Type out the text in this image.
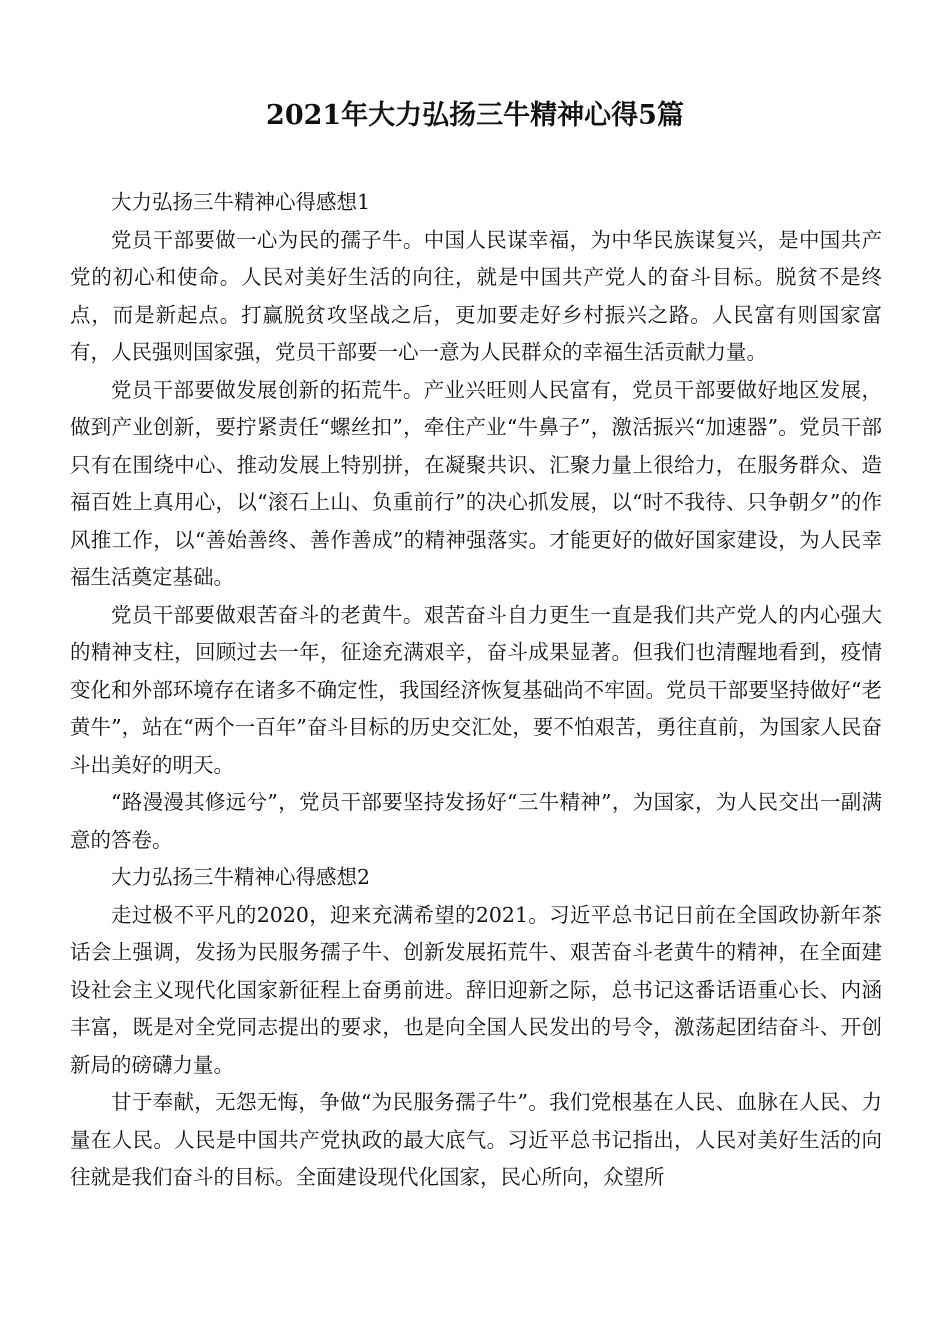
2021年大力弘扬三牛精神心得5篇

大力弘扬三牛精神心得感想1

党员干部要做一心为民的孺子牛。中国人民谋幸福，为中华民族谋复兴，是中国共产党的初心和使命。人民对美好生活的向往，就是中国共产党人的奋斗目标。脱贫不是终点，而是新起点。打赢脱贫攻坚战之后，更加要走好乡村振兴之路。人民富有则国家富有，人民强则国家强，党员干部要一心一意为人民群众的幸福生活贡献力量。

党员干部要做发展创新的拓荒牛。产业兴旺则人民富有，党员干部要做好地区发展，做到产业创新，要拧紧责任“螺丝扣”，牵住产业“牛鼻子”，激活振兴“加速器”。党员干部只有在围绕中心、推动发展上特别拼，在凝聚共识、汇聚力量上很给力，在服务群众、造福百姓上真用心，以“滚石上山、负重前行”的决心抓发展，以“时不我待、只争朝夕”的作风推工作，以“善始善终、善作善成”的精神强落实。才能更好的做好国家建设，为人民幸福生活奠定基础。

党员干部要做艰苦奋斗的老黄牛。艰苦奋斗自力更生一直是我们共产党人的内心强大的精神支柱，回顾过去一年，征途充满艰辛，奋斗成果显著。但我们也清醒地看到，疫情变化和外部环境存在诸多不确定性，我国经济恢复基础尚不牢固。党员干部要坚持做好“老黄牛”，站在“两个一百年”奋斗目标的历史交汇处，要不怕艰苦，勇往直前，为国家人民奋斗出美好的明天。

“路漫漫其修远兮”，党员干部要坚持发扬好“三牛精神”，为国家，为人民交出一副满意的答卷。

大力弘扬三牛精神心得感想2

走过极不平凡的2020，迎来充满希望的2021。习近平总书记日前在全国政协新年茶话会上强调，发扬为民服务孺子牛、创新发展拓荒牛、艰苦奋斗老黄牛的精神，在全面建设社会主义现代化国家新征程上奋勇前进。辞旧迎新之际，总书记这番话语重心长、内涵丰富，既是对全党同志提出的要求，也是向全国人民发出的号令，激荡起团结奋斗、开创新局的磅礴力量。

甘于奉献，无怨无悔，争做“为民服务孺子牛”。我们党根基在人民、血脉在人民、力量在人民。人民是中国共产党执政的最大底气。习近平总书记指出，人民对美好生活的向往就是我们奋斗的目标。全面建设现代化国家，民心所向，众望所
